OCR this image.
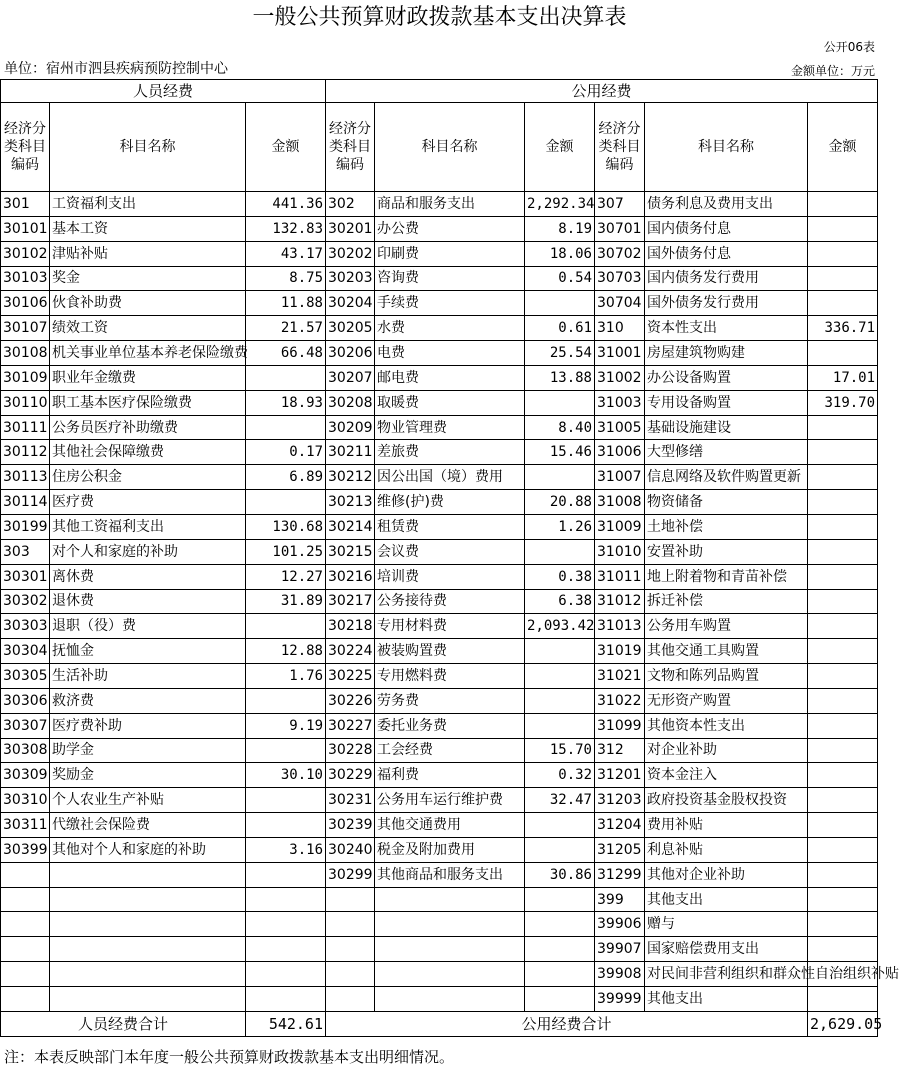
一般公共预算财政拨款基本支出决算表
公开06表
单位：宿州市泗县疾病预防控制中心	金额单位：万元
人员经费			公用经费					
经济分类科目编码	科目名称	金额	经济分类科目编码	科目名称	金额	经济分类科目编码	科目名称	金额
301	工资福利支出	441.36	302	商品和服务支出	2,292.34	307	债务利息及费用支出	
30101	基本工资	132.83	30201	办公费	8.19	30701	国内债务付息	
30102	津贴补贴	43.17	30202	印刷费	18.06	30702	国外债务付息	
30103	奖金	8.75	30203	咨询费	0.54	30703	国内债务发行费用	
30106	伙食补助费	11.88	30204	手续费		30704	国外债务发行费用	
30107	绩效工资	21.57	30205	水费	0.61	310	资本性支出	336.71
30108	机关事业单位基本养老保险缴费	66.48	30206	电费	25.54	31001	房屋建筑物购建	
30109	职业年金缴费		30207	邮电费	13.88	31002	办公设备购置	17.01
30110	职工基本医疗保险缴费	18.93	30208	取暖费		31003	专用设备购置	319.70
30111	公务员医疗补助缴费		30209	物业管理费	8.40	31005	基础设施建设	
30112	其他社会保障缴费	0.17	30211	差旅费	15.46	31006	大型修缮	
30113	住房公积金	6.89	30212	因公出国（境）费用		31007	信息网络及软件购置更新	
30114	医疗费		30213	维修(护)费	20.88	31008	物资储备	
30199	其他工资福利支出	130.68	30214	租赁费	1.26	31009	土地补偿	
303	对个人和家庭的补助	101.25	30215	会议费		31010	安置补助	
30301	离休费	12.27	30216	培训费	0.38	31011	地上附着物和青苗补偿	
30302	退休费	31.89	30217	公务接待费	6.38	31012	拆迁补偿	
30303	退职（役）费		30218	专用材料费	2,093.42	31013	公务用车购置	
30304	抚恤金	12.88	30224	被装购置费		31019	其他交通工具购置	
30305	生活补助	1.76	30225	专用燃料费		31021	文物和陈列品购置	
30306	救济费		30226	劳务费		31022	无形资产购置	
30307	医疗费补助	9.19	30227	委托业务费		31099	其他资本性支出	
30308	助学金		30228	工会经费	15.70	312	对企业补助	
30309	奖励金	30.10	30229	福利费	0.32	31201	资本金注入	
30310	个人农业生产补贴		30231	公务用车运行维护费	32.47	31203	政府投资基金股权投资	
30311	代缴社会保险费		30239	其他交通费用		31204	费用补贴	
30399	其他对个人和家庭的补助	3.16	30240	税金及附加费用		31205	利息补贴	
			30299	其他商品和服务支出	30.86	31299	其他对企业补助	
						399	其他支出	
						39906	赠与	
						39907	国家赔偿费用支出	
						39908	对民间非营利组织和群众性自治组织补贴	
						39999	其他支出	
人员经费合计		542.61	公用经费合计					2,629.05
注：本表反映部门本年度一般公共预算财政拨款基本支出明细情况。
